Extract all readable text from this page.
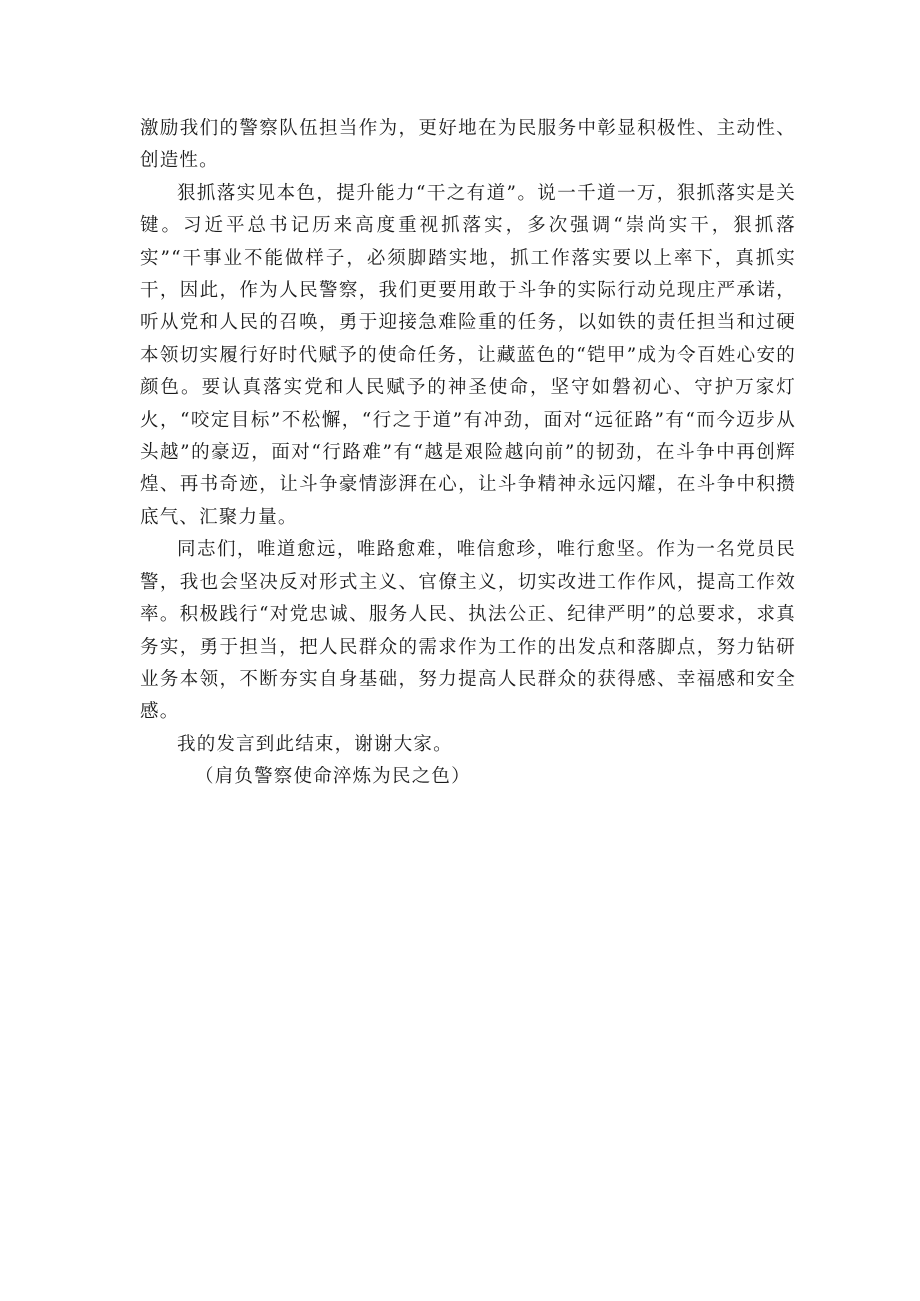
激励我们的警察队伍担当作为，更好地在为民服务中彰显积极性、主动性、创造性。

狠抓落实见本色，提升能力“干之有道”。说一千道一万，狠抓落实是关键。习近平总书记历来高度重视抓落实，多次强调“崇尚实干，狠抓落实”“干事业不能做样子，必须脚踏实地，抓工作落实要以上率下，真抓实干，因此，作为人民警察，我们更要用敢于斗争的实际行动兑现庄严承诺，听从党和人民的召唤，勇于迎接急难险重的任务，以如铁的责任担当和过硬本领切实履行好时代赋予的使命任务，让藏蓝色的“铠甲”成为令百姓心安的颜色。要认真落实党和人民赋予的神圣使命，坚守如磐初心、守护万家灯火，“咬定目标”不松懈，“行之于道”有冲劲，面对“远征路”有“而今迈步从头越”的豪迈，面对“行路难”有“越是艰险越向前”的韧劲，在斗争中再创辉煌、再书奇迹，让斗争豪情澎湃在心，让斗争精神永远闪耀，在斗争中积攒底气、汇聚力量。

同志们，唯道愈远，唯路愈难，唯信愈珍，唯行愈坚。作为一名党员民警，我也会坚决反对形式主义、官僚主义，切实改进工作作风，提高工作效率。积极践行“对党忠诚、服务人民、执法公正、纪律严明”的总要求，求真务实，勇于担当，把人民群众的需求作为工作的出发点和落脚点，努力钻研业务本领，不断夯实自身基础，努力提高人民群众的获得感、幸福感和安全感。

我的发言到此结束，谢谢大家。

（肩负警察使命淬炼为民之色）
